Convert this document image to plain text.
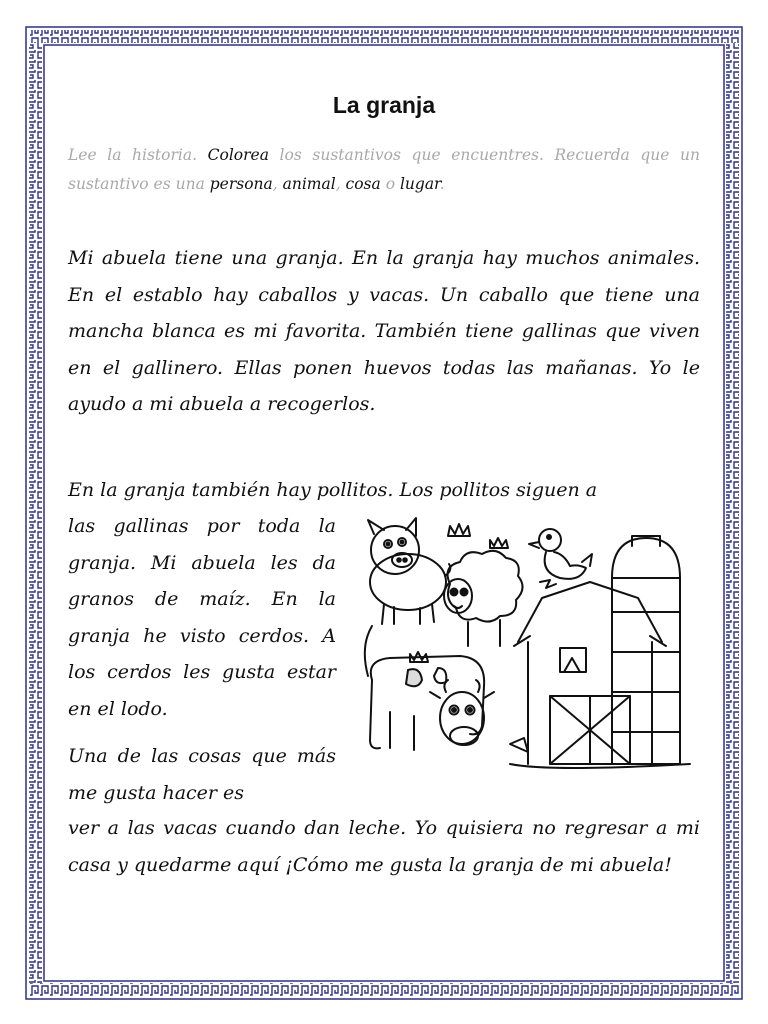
La granja
Lee la historia. Colorea los sustantivos que encuentres. Recuerda que un sustantivo es una persona, animal, cosa o lugar.
Mi abuela tiene una granja. En la granja hay muchos animales. En el establo hay caballos y vacas. Un caballo que tiene una mancha blanca es mi favorita. También tiene gallinas que viven en el gallinero. Ellas ponen huevos todas las mañanas. Yo le ayudo a mi abuela a recogerlos.
En la granja también hay pollitos. Los pollitos siguen a
las gallinas por toda la granja. Mi abuela les da granos de maíz. En la granja he visto cerdos. A los cerdos les gusta estar en el lodo.
Una de las cosas que más me gusta hacer es
ver a las vacas cuando dan leche. Yo quisiera no regresar a mi casa y quedarme aquí ¡Cómo me gusta la granja de mi abuela!
